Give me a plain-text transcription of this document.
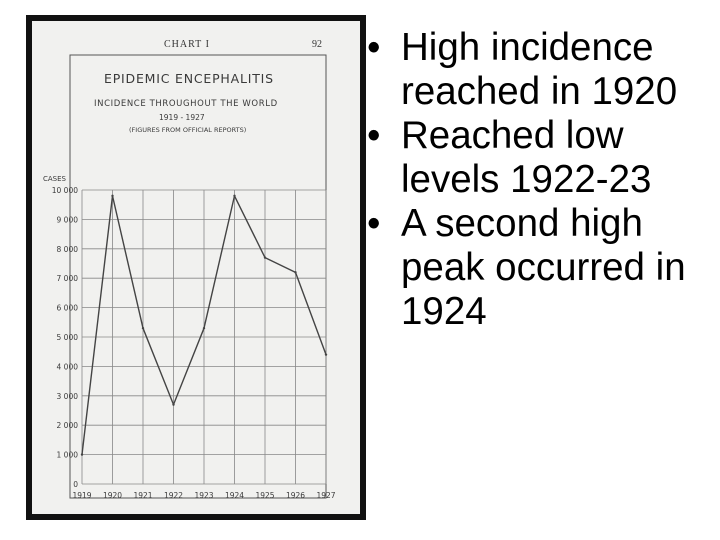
CHART I	92
EPIDEMIC ENCEPHALITIS
INCIDENCE THROUGHOUT THE WORLD
1919 - 1927
(FIGURES FROM OFFICIAL REPORTS)
CASES
10 000
9 000
8 000
7 000
6 000
5 000
4 000
3 000
2 000
1 000
0
1919 1920 1921 1922 1923 1924 1925 1926 1927
• High incidence reached in 1920
• Reached low levels 1922-23
• A second high peak occurred in 1924
